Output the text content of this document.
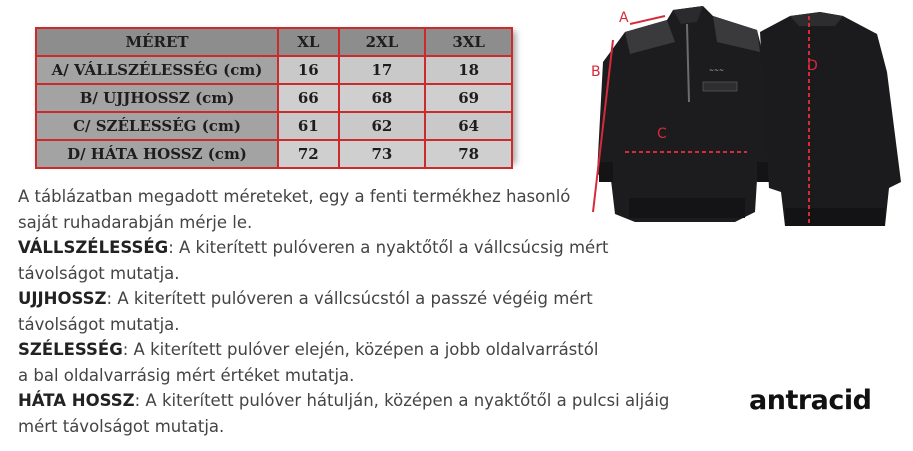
MÉRET	XL	2XL	3XL
A/ VÁLLSZÉLESSÉG (cm)	16	17	18
B/ UJJHOSSZ (cm)	66	68	69
C/ SZÉLESSÉG (cm)	61	62	64
D/ HÁTA HOSSZ (cm)	72	73	78

A táblázatban megadott méreteket, egy a fenti termékhez hasonló
saját ruhadarabján mérje le.

VÁLLSZÉLESSÉG: A kiterített pulóveren a nyaktőtől a vállcsúcsig mért
távolságot mutatja.

UJJHOSSZ: A kiterített pulóveren a vállcsúcstól a passzé végéig mért
távolságot mutatja.

SZÉLESSÉG: A kiterített pulóver elején, középen a jobb oldalvarrástól
a bal oldalvarrásig mért értéket mutatja.

HÁTA HOSSZ: A kiterített pulóver hátulján, középen a nyaktőtől a pulcsi aljáig
mért távolságot mutatja.

~~~
A
B
C
D
antracid
